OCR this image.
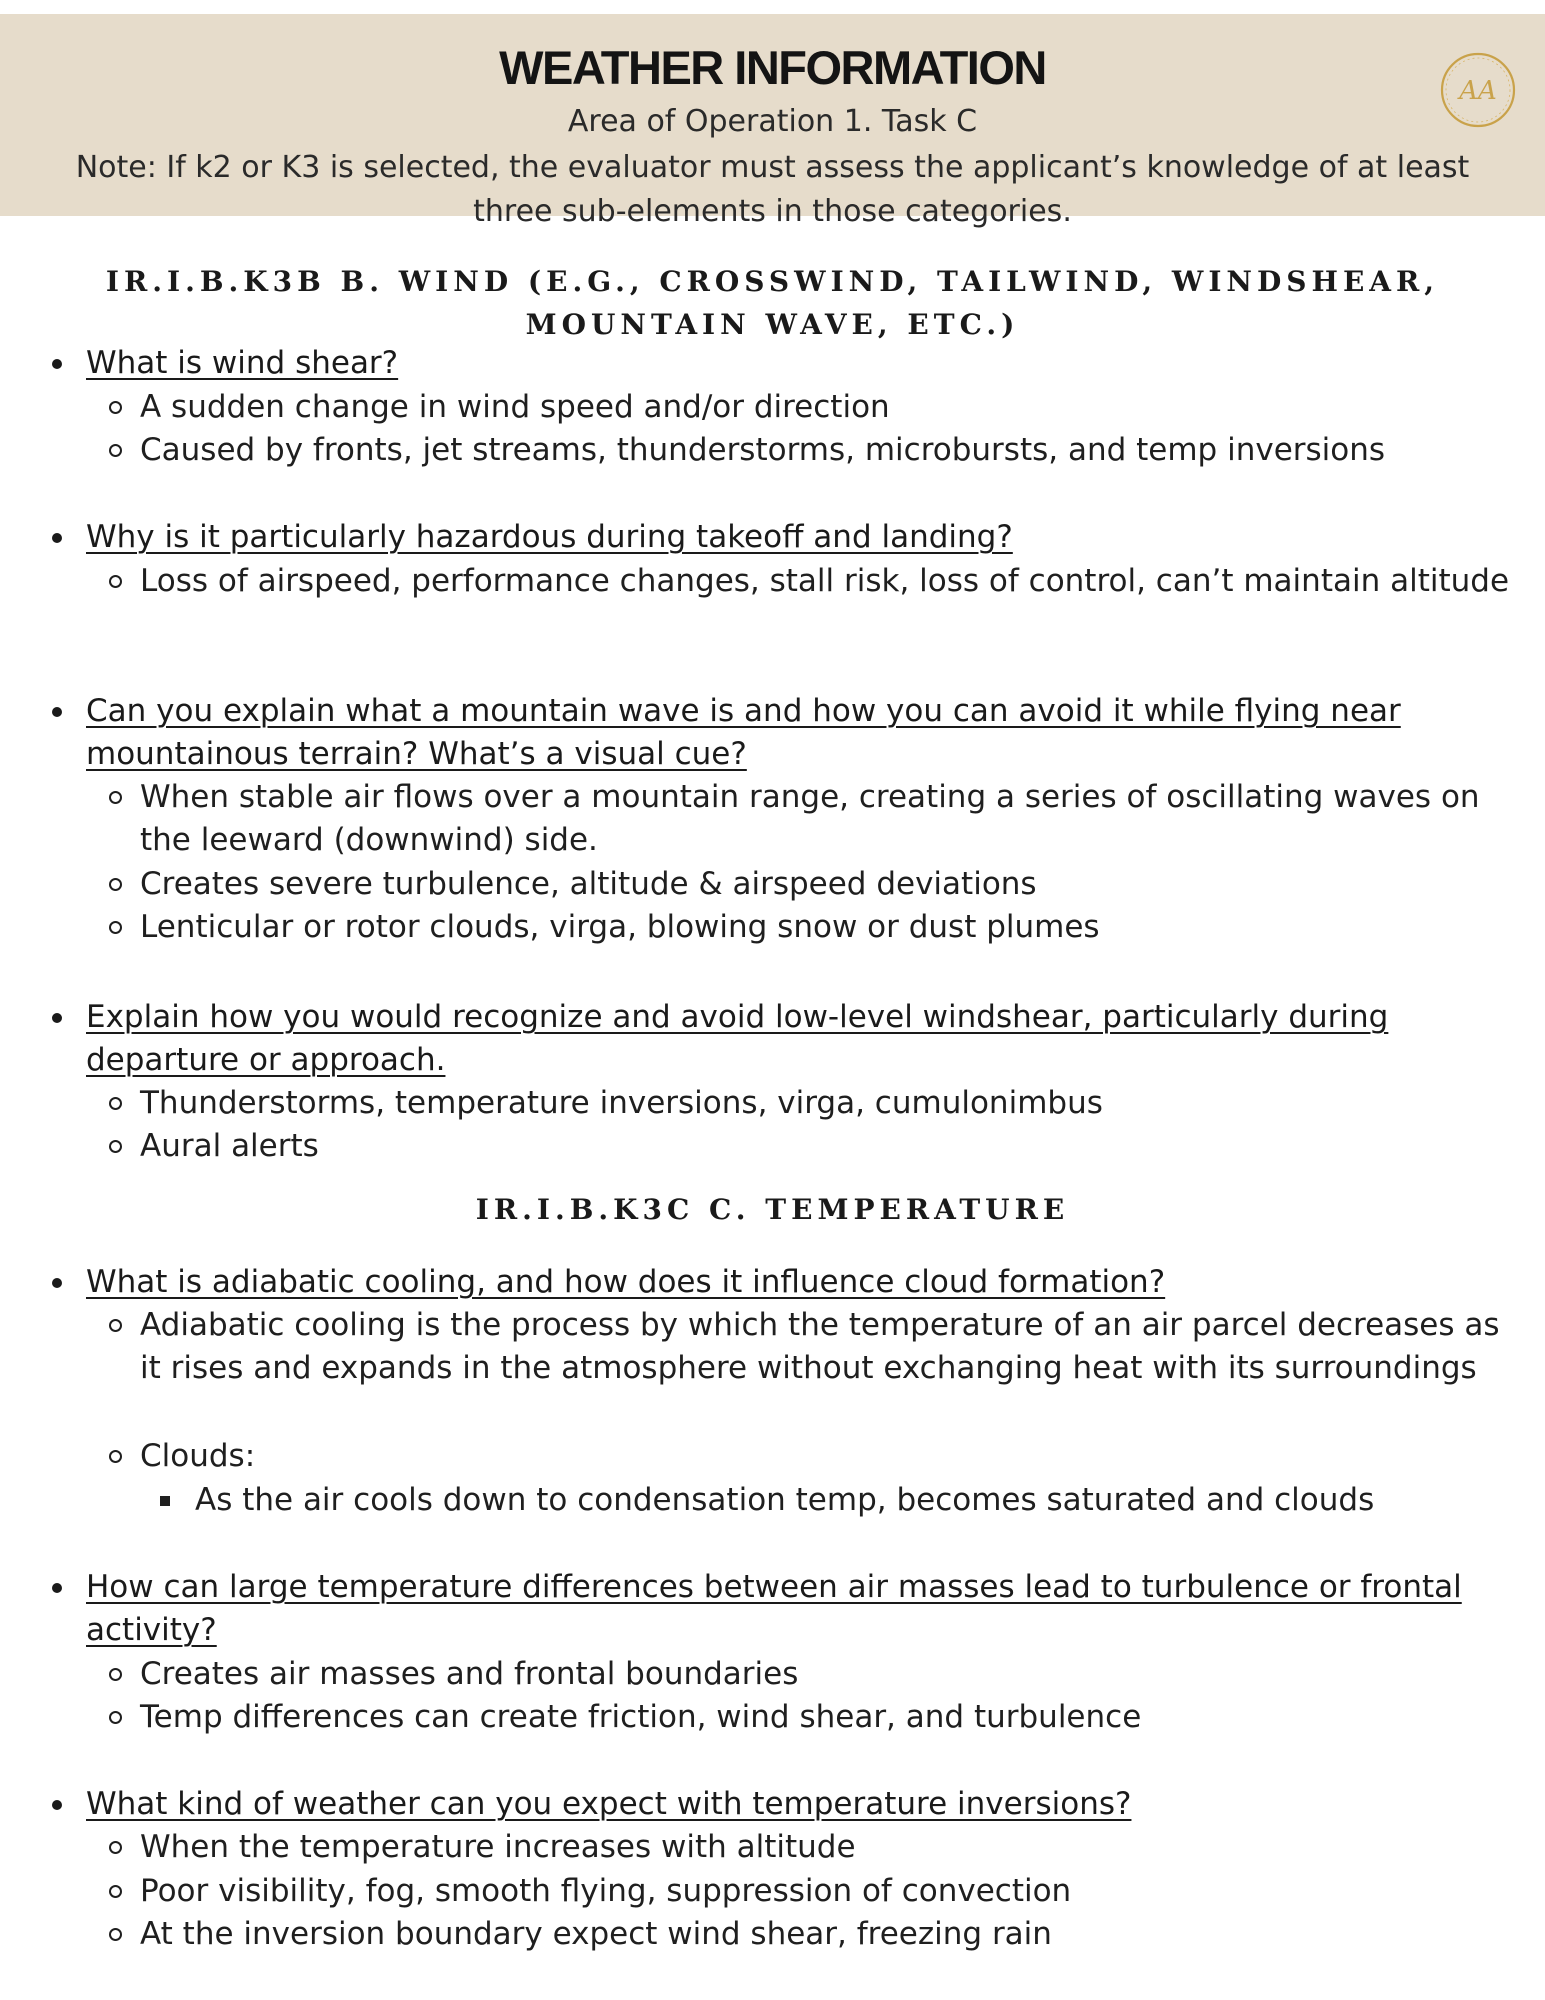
WEATHER INFORMATION
Area of Operation 1. Task C
Note: If k2 or K3 is selected, the evaluator must assess the applicant’s knowledge of at least three sub-elements in those categories.
AA
IR.I.B.K3B B. WIND (E.G., CROSSWIND, TAILWIND, WINDSHEAR, MOUNTAIN WAVE, ETC.)
What is wind shear?
A sudden change in wind speed and/or direction
Caused by fronts, jet streams, thunderstorms, microbursts, and temp inversions
Why is it particularly hazardous during takeoff and landing?
Loss of airspeed, performance changes, stall risk, loss of control, can’t maintain altitude
Can you explain what a mountain wave is and how you can avoid it while flying near mountainous terrain? What’s a visual cue?
When stable air flows over a mountain range, creating a series of oscillating waves on the leeward (downwind) side.
Creates severe turbulence, altitude & airspeed deviations
Lenticular or rotor clouds, virga, blowing snow or dust plumes
Explain how you would recognize and avoid low-level windshear, particularly during departure or approach.
Thunderstorms, temperature inversions, virga, cumulonimbus
Aural alerts
IR.I.B.K3C C. TEMPERATURE
What is adiabatic cooling, and how does it influence cloud formation?
Adiabatic cooling is the process by which the temperature of an air parcel decreases as it rises and expands in the atmosphere without exchanging heat with its surroundings
Clouds:
As the air cools down to condensation temp, becomes saturated and clouds
How can large temperature differences between air masses lead to turbulence or frontal activity?
Creates air masses and frontal boundaries
Temp differences can create friction, wind shear, and turbulence
What kind of weather can you expect with temperature inversions?
When the temperature increases with altitude
Poor visibility, fog, smooth flying, suppression of convection
At the inversion boundary expect wind shear, freezing rain
